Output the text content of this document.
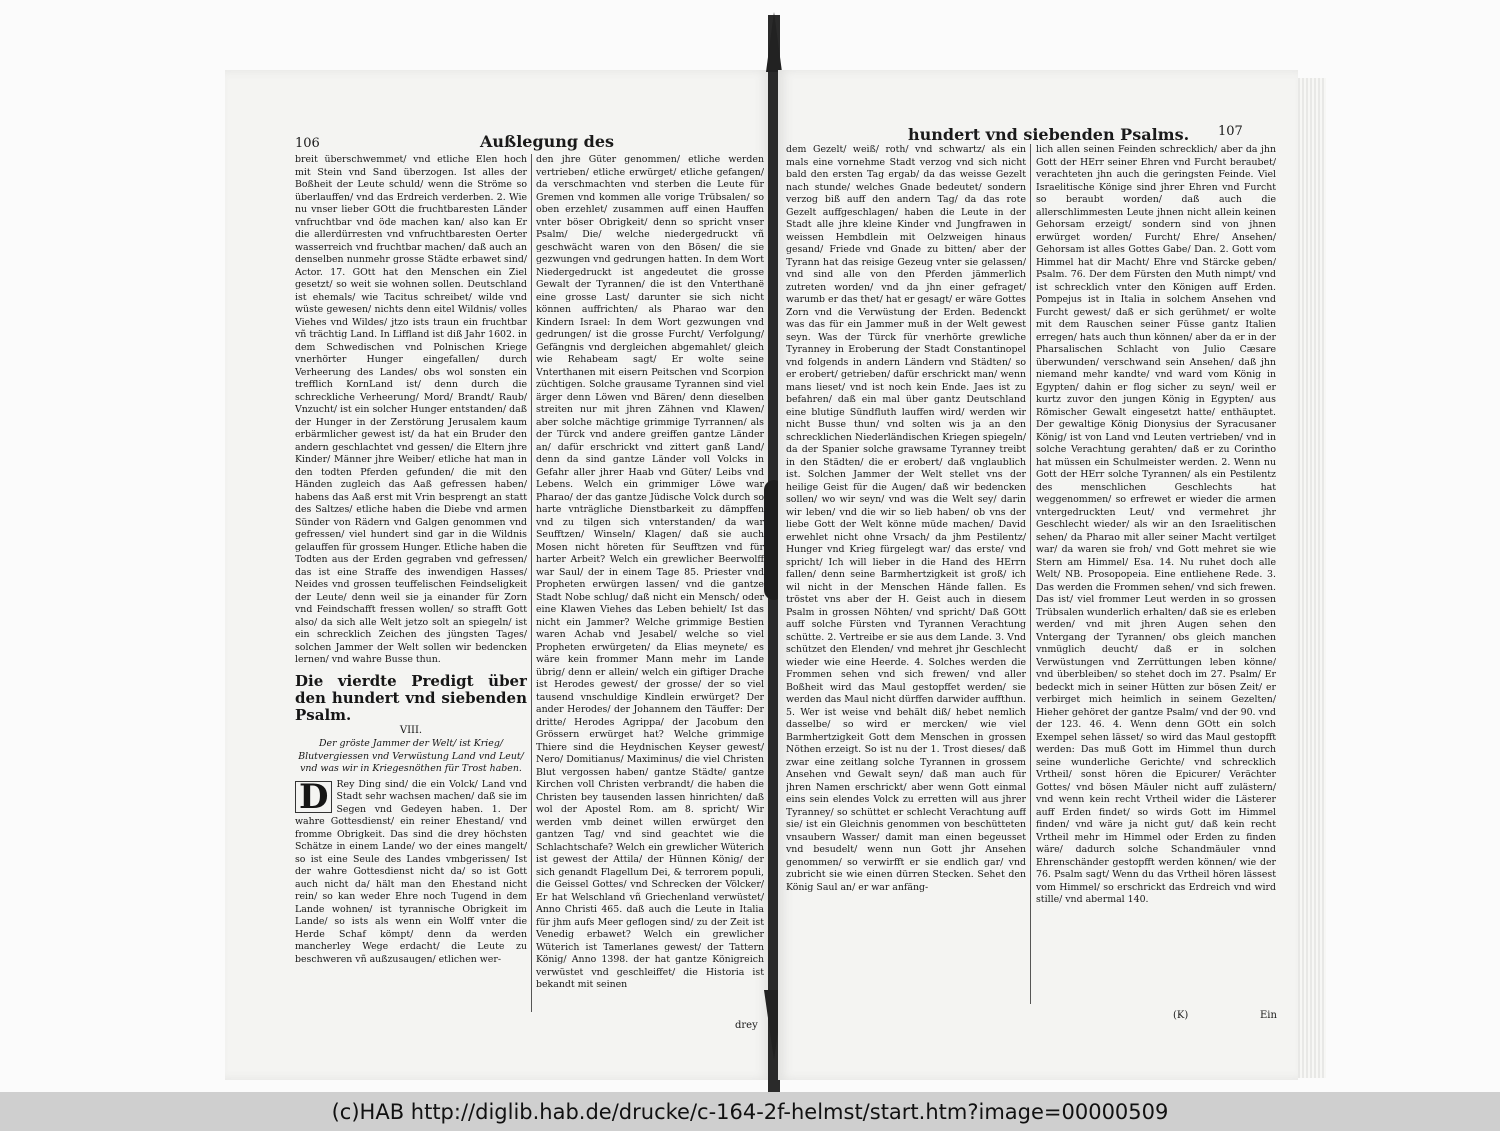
106	Außlegung des

breit überschwemmet/ vnd etliche Elen hoch mit Stein vnd Sand überzogen. Ist alles der Boßheit der Leute schuld/ wenn die Ströme so überlauffen/ vnd das Erdreich verderben. 2. Wie nu vnser lieber GOtt die fruchtbaresten Länder vnfruchtbar vnd öde machen kan/ also kan Er die allerdürresten vnd vnfruchtbaresten Oerter wasserreich vnd fruchtbar machen/ daß auch an denselben nunmehr grosse Städte erbawet sind/ Actor. 17. GOtt hat den Menschen ein Ziel gesetzt/ so weit sie wohnen sollen. Deutschland ist ehemals/ wie Tacitus schreibet/ wilde vnd wüste gewesen/ nichts denn eitel Wildnis/ volles Viehes vnd Wildes/ jtzo ists traun ein fruchtbar vñ trächtig Land. In Liffland ist diß Jahr 1602. in dem Schwedischen vnd Polnischen Kriege vnerhörter Hunger eingefallen/ durch Verheerung des Landes/ obs wol sonsten ein trefflich KornLand ist/ denn durch die schreckliche Verheerung/ Mord/ Brandt/ Raub/ Vnzucht/ ist ein solcher Hunger entstanden/ daß der Hunger in der Zerstörung Jerusalem kaum erbärmlicher gewest ist/ da hat ein Bruder den andern geschlachtet vnd gessen/ die Eltern jhre Kinder/ Männer jhre Weiber/ etliche hat man in den todten Pferden gefunden/ die mit den Händen zugleich das Aaß gefressen haben/ habens das Aaß erst mit Vrin besprengt an statt des Saltzes/ etliche haben die Diebe vnd armen Sünder von Rädern vnd Galgen genommen vnd gefressen/ viel hundert sind gar in die Wildnis gelauffen für grossem Hunger. Etliche haben die Todten aus der Erden gegraben vnd gefressen/ das ist eine Straffe des inwendigen Hasses/ Neides vnd grossen teuffelischen Feindseligkeit der Leute/ denn weil sie ja einander für Zorn vnd Feindschafft fressen wollen/ so strafft Gott also/ da sich alle Welt jetzo solt an spiegeln/ ist ein schrecklich Zeichen des jüngsten Tages/ solchen Jammer der Welt sollen wir bedencken lernen/ vnd wahre Busse thun.

Die vierdte Predigt über den hundert vnd siebenden Psalm.

VIII.

Der gröste Jammer der Welt/ ist Krieg/ Blutvergiessen vnd Verwüstung Land vnd Leut/ vnd was wir in Kriegesnöthen für Trost haben.

D Rey Ding sind/ die ein Volck/ Land vnd Stadt sehr wachsen machen/ daß sie im Segen vnd Gedeyen haben. 1. Der wahre Gottesdienst/ ein reiner Ehestand/ vnd fromme Obrigkeit. Das sind die drey höchsten Schätze in einem Lande/ wo der eines mangelt/ so ist eine Seule des Landes vmbgerissen/ Ist der wahre Gottesdienst nicht da/ so ist Gott auch nicht da/ hält man den Ehestand nicht rein/ so kan weder Ehre noch Tugend in dem Lande wohnen/ ist tyrannische Obrigkeit im Lande/ so ists als wenn ein Wolff vnter die Herde Schaf kömpt/ denn da werden mancherley Wege erdacht/ die Leute zu beschweren vñ außzusaugen/ etlichen wer-

den jhre Güter genommen/ etliche werden vertrieben/ etliche erwürget/ etliche gefangen/ da verschmachten vnd sterben die Leute für Gremen vnd kommen alle vorige Trübsalen/ so oben erzehlet/ zusammen auff einen Hauffen vnter böser Obrigkeit/ denn so spricht vnser Psalm/ Die/ welche niedergedruckt vñ geschwächt waren von den Bösen/ die sie gezwungen vnd gedrungen hatten. In dem Wort Niedergedruckt ist angedeutet die grosse Gewalt der Tyrannen/ die ist den Vnterthanë eine grosse Last/ darunter sie sich nicht können auffrichten/ als Pharao war den Kindern Israel: In dem Wort gezwungen vnd gedrungen/ ist die grosse Furcht/ Verfolgung/ Gefängnis vnd dergleichen abgemahlet/ gleich wie Rehabeam sagt/ Er wolte seine Vnterthanen mit eisern Peitschen vnd Scorpion züchtigen. Solche grausame Tyrannen sind viel ärger denn Löwen vnd Bären/ denn dieselben streiten nur mit jhren Zähnen vnd Klawen/ aber solche mächtige grimmige Tyrrannen/ als der Türck vnd andere greiffen gantze Länder an/ dafür erschrickt vnd zittert ganß Land/ denn da sind gantze Länder voll Volcks in Gefahr aller jhrer Haab vnd Güter/ Leibs vnd Lebens. Welch ein grimmiger Löwe war Pharao/ der das gantze Jüdische Volck durch so harte vnträgliche Dienstbarkeit zu dämpffen vnd zu tilgen sich vnterstanden/ da war Seufftzen/ Winseln/ Klagen/ daß sie auch Mosen nicht höreten für Seufftzen vnd für harter Arbeit? Welch ein grewlicher Beerwolff war Saul/ der in einem Tage 85. Priester vnd Propheten erwürgen lassen/ vnd die gantze Stadt Nobe schlug/ daß nicht ein Mensch/ oder eine Klawen Viehes das Leben behielt/ Ist das nicht ein Jammer? Welche grimmige Bestien waren Achab vnd Jesabel/ welche so viel Propheten erwürgeten/ da Elias meynete/ es wäre kein frommer Mann mehr im Lande übrig/ denn er allein/ welch ein giftiger Drache ist Herodes gewest/ der grosse/ der so viel tausend vnschuldige Kindlein erwürget? Der ander Herodes/ der Johannem den Täuffer: Der dritte/ Herodes Agrippa/ der Jacobum den Grössern erwürget hat? Welche grimmige Thiere sind die Heydnischen Keyser gewest/ Nero/ Domitianus/ Maximinus/ die viel Christen Blut vergossen haben/ gantze Städte/ gantze Kirchen voll Christen verbrandt/ die haben die Christen bey tausenden lassen hinrichten/ daß wol der Apostel Rom. am 8. spricht/ Wir werden vmb deinet willen erwürget den gantzen Tag/ vnd sind geachtet wie die Schlachtschafe? Welch ein grewlicher Wüterich ist gewest der Attila/ der Hünnen König/ der sich genandt Flagellum Dei, & terrorem populi, die Geissel Gottes/ vnd Schrecken der Völcker/ Er hat Welschland vñ Griechenland verwüstet/ Anno Christi 465. daß auch die Leute in Italia für jhm aufs Meer geflogen sind/ zu der Zeit ist Venedig erbawet? Welch ein grewlicher Wüterich ist Tamerlanes gewest/ der Tattern König/ Anno 1398. der hat gantze Königreich verwüstet vnd geschleiffet/ die Historia ist bekandt mit seinen

drey
hundert vnd siebenden Psalms. 107

dem Gezelt/ weiß/ roth/ vnd schwartz/ als ein mals eine vornehme Stadt verzog vnd sich nicht bald den ersten Tag ergab/ da das weisse Gezelt nach stunde/ welches Gnade bedeutet/ sondern verzog biß auff den andern Tag/ da das rote Gezelt auffgeschlagen/ haben die Leute in der Stadt alle jhre kleine Kinder vnd Jungfrawen in weissen Hembdlein mit Oelzweigen hinaus gesand/ Friede vnd Gnade zu bitten/ aber der Tyrann hat das reisige Gezeug vnter sie gelassen/ vnd sind alle von den Pferden jämmerlich zutreten worden/ vnd da jhn einer gefraget/ warumb er das thet/ hat er gesagt/ er wäre Gottes Zorn vnd die Verwüstung der Erden. Bedenckt was das für ein Jammer muß in der Welt gewest seyn. Was der Türck für vnerhörte grewliche Tyranney in Eroberung der Stadt Constantinopel vnd folgends in andern Ländern vnd Städten/ so er erobert/ getrieben/ dafür erschrickt man/ wenn mans lieset/ vnd ist noch kein Ende. Jaes ist zu befahren/ daß ein mal über gantz Deutschland eine blutige Sündfluth lauffen wird/ werden wir nicht Busse thun/ vnd solten wis ja an den schrecklichen Niederländischen Kriegen spiegeln/ da der Spanier solche grawsame Tyranney treibt in den Städten/ die er erobert/ daß vnglaublich ist. Solchen Jammer der Welt stellet vns der heilige Geist für die Augen/ daß wir bedencken sollen/ wo wir seyn/ vnd was die Welt sey/ darin wir leben/ vnd die wir so lieb haben/ ob vns der liebe Gott der Welt könne müde machen/ David erwehlet nicht ohne Vrsach/ da jhm Pestilentz/ Hunger vnd Krieg fürgelegt war/ das erste/ vnd spricht/ Ich will lieber in die Hand des HErrn fallen/ denn seine Barmhertzigkeit ist groß/ ich wil nicht in der Menschen Hände fallen. Es tröstet vns aber der H. Geist auch in diesem Psalm in grossen Nöhten/ vnd spricht/ Daß GOtt auff solche Fürsten vnd Tyrannen Verachtung schütte. 2. Vertreibe er sie aus dem Lande. 3. Vnd schützet den Elenden/ vnd mehret jhr Geschlecht wieder wie eine Heerde. 4. Solches werden die Frommen sehen vnd sich frewen/ vnd aller Boßheit wird das Maul gestopffet werden/ sie werden das Maul nicht dürffen darwider auffthun. 5. Wer ist weise vnd behält diß/ hebet nemlich dasselbe/ so wird er mercken/ wie viel Barmhertzigkeit Gott dem Menschen in grossen Nöthen erzeigt. So ist nu der 1. Trost dieses/ daß zwar eine zeitlang solche Tyrannen in grossem Ansehen vnd Gewalt seyn/ daß man auch für jhren Namen erschrickt/ aber wenn Gott einmal eins sein elendes Volck zu erretten will aus jhrer Tyranney/ so schüttet er schlecht Verachtung auff sie/ ist ein Gleichnis genommen von beschütteten vnsaubern Wasser/ damit man einen begeusset vnd besudelt/ wenn nun Gott jhr Ansehen genommen/ so verwirfft er sie endlich gar/ vnd zubricht sie wie einen dürren Stecken. Sehet den König Saul an/ er war anfäng-

lich allen seinen Feinden schrecklich/ aber da jhn Gott der HErr seiner Ehren vnd Furcht beraubet/ verachteten jhn auch die geringsten Feinde. Viel Israelitische Könige sind jhrer Ehren vnd Furcht so beraubt worden/ daß auch die allerschlimmesten Leute jhnen nicht allein keinen Gehorsam erzeigt/ sondern sind von jhnen erwürget worden/ Furcht/ Ehre/ Ansehen/ Gehorsam ist alles Gottes Gabe/ Dan. 2. Gott vom Himmel hat dir Macht/ Ehre vnd Stärcke geben/ Psalm. 76. Der dem Fürsten den Muth nimpt/ vnd ist schrecklich vnter den Königen auff Erden. Pompejus ist in Italia in solchem Ansehen vnd Furcht gewest/ daß er sich gerühmet/ er wolte mit dem Rauschen seiner Füsse gantz Italien erregen/ hats auch thun können/ aber da er in der Pharsalischen Schlacht von Julio Cæsare überwunden/ verschwand sein Ansehen/ daß jhn niemand mehr kandte/ vnd ward vom König in Egypten/ dahin er flog sicher zu seyn/ weil er kurtz zuvor den jungen König in Egypten/ aus Römischer Gewalt eingesetzt hatte/ enthäuptet. Der gewaltige König Dionysius der Syracusaner König/ ist von Land vnd Leuten vertrieben/ vnd in solche Verachtung gerahten/ daß er zu Corintho hat müssen ein Schulmeister werden. 2. Wenn nu Gott der HErr solche Tyrannen/ als ein Pestilentz des menschlichen Geschlechts hat weggenommen/ so erfrewet er wieder die armen vntergedruckten Leut/ vnd vermehret jhr Geschlecht wieder/ als wir an den Israelitischen sehen/ da Pharao mit aller seiner Macht vertilget war/ da waren sie froh/ vnd Gott mehret sie wie Stern am Himmel/ Esa. 14. Nu ruhet doch alle Welt/ NB. Prosopopeia. Eine entliehene Rede. 3. Das werden die Frommen sehen/ vnd sich frewen. Das ist/ viel frommer Leut werden in so grossen Trübsalen wunderlich erhalten/ daß sie es erleben werden/ vnd mit jhren Augen sehen den Vntergang der Tyrannen/ obs gleich manchen vnmüglich deucht/ daß er in solchen Verwüstungen vnd Zerrüttungen leben könne/ vnd überbleiben/ so stehet doch im 27. Psalm/ Er bedeckt mich in seiner Hütten zur bösen Zeit/ er verbirget mich heimlich in seinem Gezelten/ Hieher gehöret der gantze Psalm/ vnd der 90. vnd der 123. 46. 4. Wenn denn GOtt ein solch Exempel sehen lässet/ so wird das Maul gestopfft werden: Das muß Gott im Himmel thun durch seine wunderliche Gerichte/ vnd schrecklich Vrtheil/ sonst hören die Epicurer/ Verächter Gottes/ vnd bösen Mäuler nicht auff zulästern/ vnd wenn kein recht Vrtheil wider die Lästerer auff Erden findet/ so wirds Gott im Himmel finden/ vnd wäre ja nicht gut/ daß kein recht Vrtheil mehr im Himmel oder Erden zu finden wäre/ dadurch solche Schandmäuler vnnd Ehrenschänder gestopfft werden können/ wie der 76. Psalm sagt/ Wenn du das Vrtheil hören lässest vom Himmel/ so erschrickt das Erdreich vnd wird stille/ vnd abermal 140.

(K)	Ein
(c)HAB http://diglib.hab.de/drucke/c-164-2f-helmst/start.htm?image=00000509
